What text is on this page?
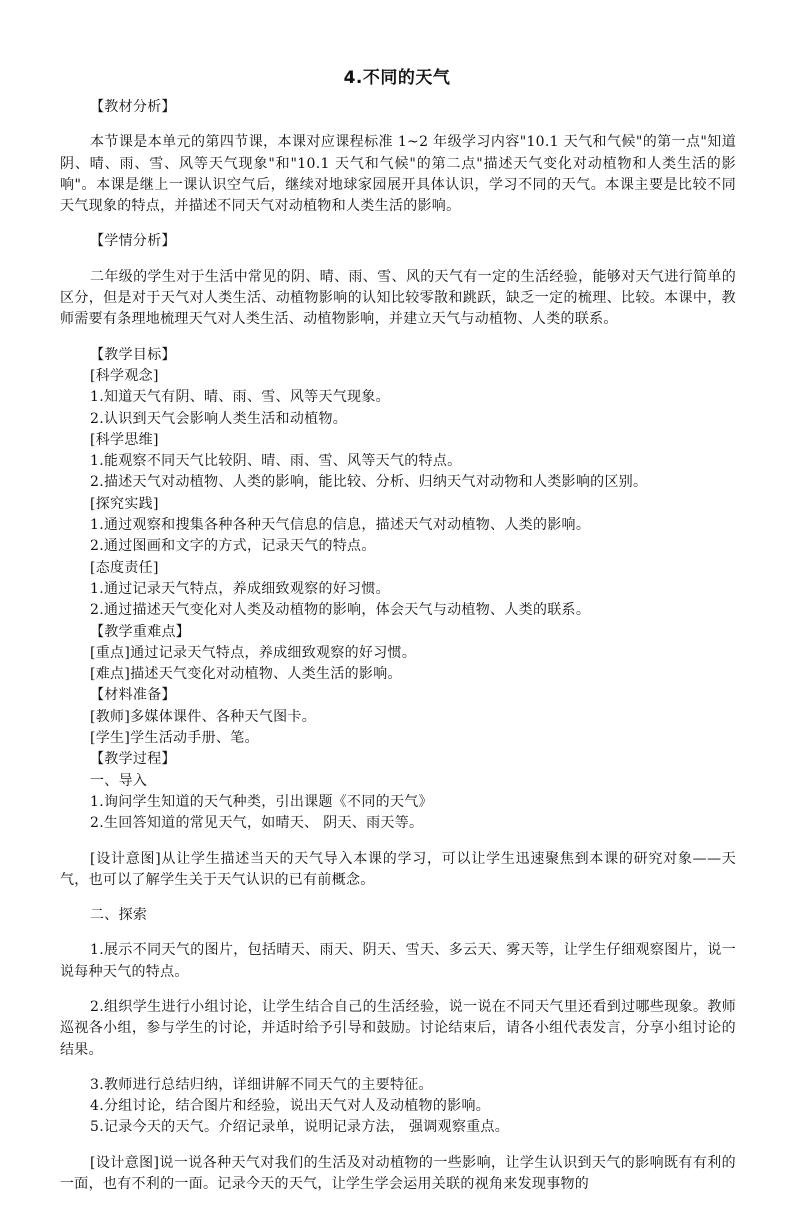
4.不同的天气

【教材分析】

本节课是本单元的第四节课，本课对应课程标准 1~2 年级学习内容"10.1 天气和气候"的第一点"知道阴、晴、雨、雪、风等天气现象"和"10.1 天气和气候"的第二点"描述天气变化对动植物和人类生活的影响"。本课是继上一课认识空气后，继续对地球家园展开具体认识，学习不同的天气。本课主要是比较不同天气现象的特点，并描述不同天气对动植物和人类生活的影响。

【学情分析】

二年级的学生对于生活中常见的阴、晴、雨、雪、风的天气有一定的生活经验，能够对天气进行简单的区分，但是对于天气对人类生活、动植物影响的认知比较零散和跳跃，缺乏一定的梳理、比较。本课中，教师需要有条理地梳理天气对人类生活、动植物影响，并建立天气与动植物、人类的联系。

【教学目标】

[科学观念]

1.知道天气有阴、晴、雨、雪、风等天气现象。

2.认识到天气会影响人类生活和动植物。

[科学思维]

1.能观察不同天气比较阴、晴、雨、雪、风等天气的特点。

2.描述天气对动植物、人类的影响，能比较、分析、归纳天气对动物和人类影响的区别。

[探究实践]

1.通过观察和搜集各种各种天气信息的信息，描述天气对动植物、人类的影响。

2.通过图画和文字的方式，记录天气的特点。

[态度责任]

1.通过记录天气特点，养成细致观察的好习惯。

2.通过描述天气变化对人类及动植物的影响，体会天气与动植物、人类的联系。

【教学重难点】

[重点]通过记录天气特点，养成细致观察的好习惯。

[难点]描述天气变化对动植物、人类生活的影响。

【材料准备】

[教师]多媒体课件、各种天气图卡。

[学生]学生活动手册、笔。

【教学过程】

一、导入

1.询问学生知道的天气种类，引出课题《不同的天气》

2.生回答知道的常见天气，如晴天、 阴天、雨天等。

[设计意图]从让学生描述当天的天气导入本课的学习，可以让学生迅速聚焦到本课的研究对象——天气，也可以了解学生关于天气认识的已有前概念。

二、探索

1.展示不同天气的图片，包括晴天、雨天、阴天、雪天、多云天、雾天等，让学生仔细观察图片，说一说每种天气的特点。

2.组织学生进行小组讨论，让学生结合自己的生活经验，说一说在不同天气里还看到过哪些现象。教师巡视各小组，参与学生的讨论，并适时给予引导和鼓励。讨论结束后，请各小组代表发言，分享小组讨论的结果。

3.教师进行总结归纳，详细讲解不同天气的主要特征。

4.分组讨论，结合图片和经验，说出天气对人及动植物的影响。

5.记录今天的天气。介绍记录单，说明记录方法， 强调观察重点。

[设计意图]说一说各种天气对我们的生活及对动植物的一些影响，让学生认识到天气的影响既有有利的一面，也有不利的一面。记录今天的天气，让学生学会运用关联的视角来发现事物的
